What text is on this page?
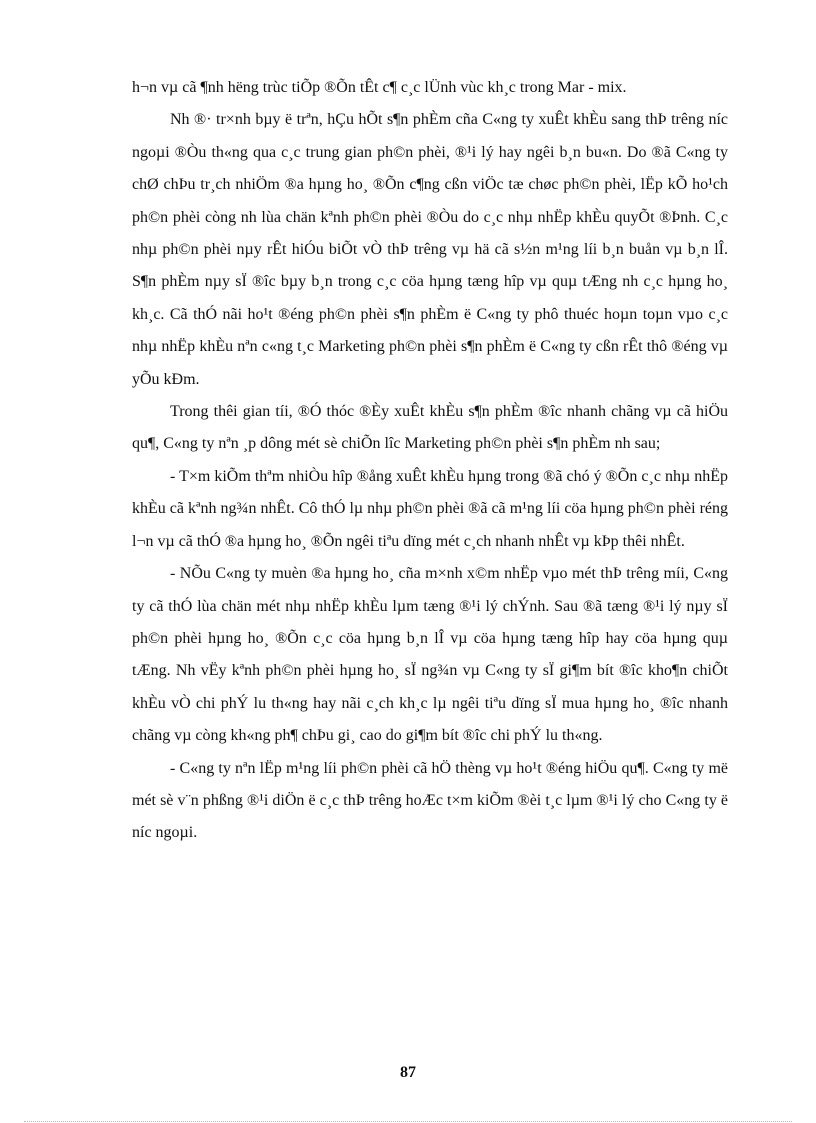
h¬n vµ cã ¶nh hëng trùc tiÕp ®Õn tÊt c¶ c¸c lÜnh vùc kh¸c trong Mar - mix.

Nh ®· tr×nh bµy ë trªn, hÇu hÕt s¶n phÈm cña C«ng ty xuÊt khÈu sang thÞ trêng níc ngoµi ®Òu th«ng qua c¸c trung gian ph©n phèi, ®¹i lý hay ngêi b¸n bu«n. Do ®ã C«ng ty chØ chÞu tr¸ch nhiÖm ®a hµng ho¸ ®Õn c¶ng cßn viÖc tæ chøc ph©n phèi, lËp kÕ ho¹ch ph©n phèi còng nh lùa chän kªnh ph©n phèi ®Òu do c¸c nhµ nhËp khÈu quyÕt ®Þnh. C¸c nhµ ph©n phèi nµy rÊt hiÓu biÕt vÒ thÞ trêng vµ hä cã s½n m¹ng líi b¸n buån vµ b¸n lÎ. S¶n phÈm nµy sÏ ®îc bµy b¸n trong c¸c cöa hµng tæng hîp vµ quµ tÆng nh c¸c hµng ho¸ kh¸c. Cã thÓ nãi ho¹t ®éng ph©n phèi s¶n phÈm ë C«ng ty phô thuéc hoµn toµn vµo c¸c nhµ nhËp khÈu nªn c«ng t¸c Marketing ph©n phèi s¶n phÈm ë C«ng ty cßn rÊt thô ®éng vµ yÕu kÐm.

Trong thêi gian tíi, ®Ó thóc ®Èy xuÊt khÈu s¶n phÈm ®îc nhanh chãng vµ cã hiÖu qu¶, C«ng ty nªn ¸p dông mét sè chiÕn lîc Marketing ph©n phèi s¶n phÈm nh sau;

- T×m kiÕm thªm nhiÒu hîp ®ång xuÊt khÈu hµng trong ®ã chó ý ®Õn c¸c nhµ nhËp khÈu cã kªnh ng¾n nhÊt. Cô thÓ lµ nhµ ph©n phèi ®ã cã m¹ng líi cöa hµng ph©n phèi réng l¬n vµ cã thÓ ®a hµng ho¸ ®Õn ngêi tiªu dïng mét c¸ch nhanh nhÊt vµ kÞp thêi nhÊt.

- NÕu C«ng ty muèn ®a hµng ho¸ cña m×nh x©m nhËp vµo mét thÞ trêng míi, C«ng ty cã thÓ lùa chän mét nhµ nhËp khÈu lµm tæng ®¹i lý chÝnh. Sau ®ã tæng ®¹i lý nµy sÏ ph©n phèi hµng ho¸ ®Õn c¸c cöa hµng b¸n lÎ vµ cöa hµng tæng hîp hay cöa hµng quµ tÆng. Nh vËy kªnh ph©n phèi hµng ho¸ sÏ ng¾n vµ C«ng ty sÏ gi¶m bít ®îc kho¶n chiÕt khÈu vÒ chi phÝ lu th«ng hay nãi c¸ch kh¸c lµ ngêi tiªu dïng sÏ mua hµng ho¸ ®îc nhanh chãng vµ còng kh«ng ph¶ chÞu gi¸ cao do gi¶m bít ®îc chi phÝ lu th«ng.

- C«ng ty nªn lËp m¹ng líi ph©n phèi cã hÖ thèng vµ ho¹t ®éng hiÖu qu¶. C«ng ty më mét sè v¨n phßng ®¹i diÖn ë c¸c thÞ trêng hoÆc t×m kiÕm ®èi t¸c lµm ®¹i lý cho C«ng ty ë níc ngoµi.

87
